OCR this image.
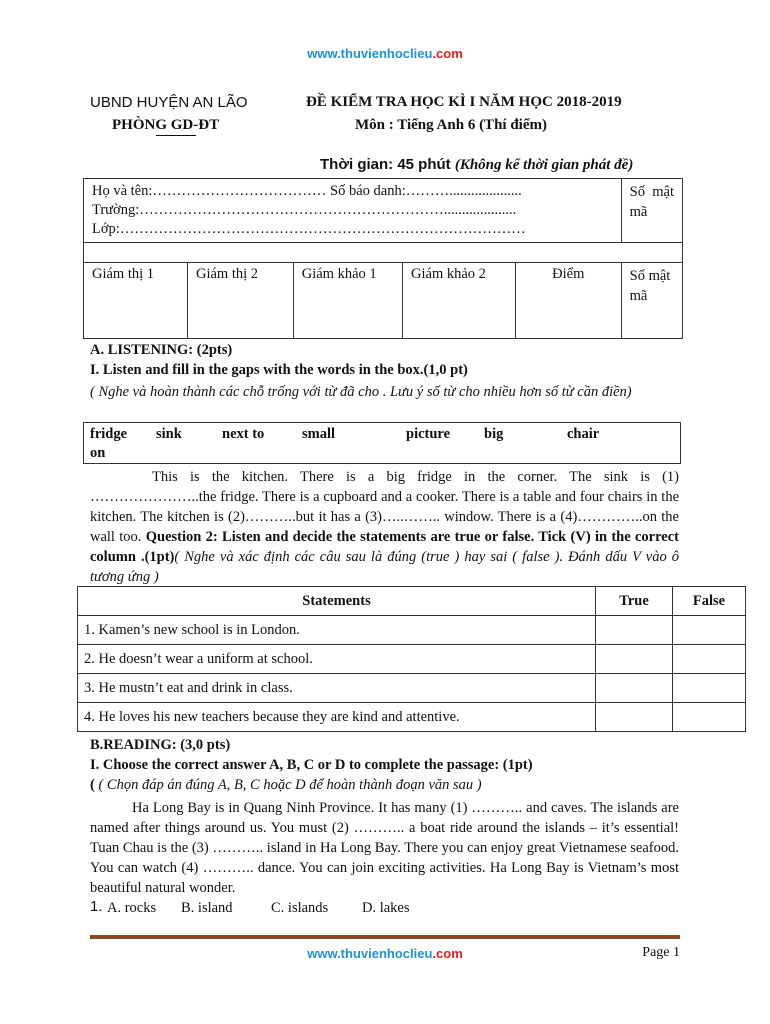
www.thuvienhoclieu.com
UBND HUYỆN AN LÃO
PHÒNG GD-ĐT
ĐỀ KIỂM TRA HỌC KÌ I NĂM HỌC 2018-2019
Môn : Tiếng Anh 6 (Thí điểm)
Thời gian: 45 phút (Không kể thời gian phát đề)
Họ và tên:……………………………… Số báo danh:………....................
Trường:………………………………………………………....................
Lớp:…………………………………………………………………………					Số mật mã

Giám thị 1	Giám thị 2	Giám khảo 1	Giám khảo 2	Điểm	Số mật mã
A. LISTENING: (2pts)
I. Listen and fill in the gaps with the words in the box.(1,0 pt)
( Nghe và hoàn thành các chỗ trống với từ đã cho . Lưu ý số từ cho nhiều hơn số từ cần điền)
fridge sink	next to	small	picture big	chair
on
This is the kitchen. There is a big fridge in the corner. The sink is (1) …………………..the fridge. There is a cupboard and a cooker. There is a table and four chairs in the kitchen. The kitchen is (2)………..but it has a (3)…..…….. window. There is a (4)…………..on the wall too. Question 2: Listen and decide the statements are true or false. Tick (V) in the correct column .(1pt)( Nghe và xác định các câu sau là đúng (true ) hay sai ( false ). Đánh dấu V vào ô tương ứng )
Statements	True	False
1. Kamen’s new school is in London.		
2. He doesn’t wear a uniform at school.		
3. He mustn’t eat and drink in class.		
4. He loves his new teachers because they are kind and attentive.		
B.READING: (3,0 pts)
I. Choose the correct answer A, B, C or D to complete the passage: (1pt)
( ( Chọn đáp án đúng A, B, C hoặc D để hoàn thành đoạn văn sau )
Ha Long Bay is in Quang Ninh Province. It has many (1) ……….. and caves. The islands are named after things around us. You must (2) ……….. a boat ride around the islands – it’s essential! Tuan Chau is the (3) ……….. island in Ha Long Bay. There you can enjoy great Vietnamese seafood. You can watch (4) ……….. dance. You can join exciting activities. Ha Long Bay is Vietnam’s most beautiful natural wonder.
1. A. rocks B. island	C. islands D. lakes
www.thuvienhoclieu.com	Page 1
